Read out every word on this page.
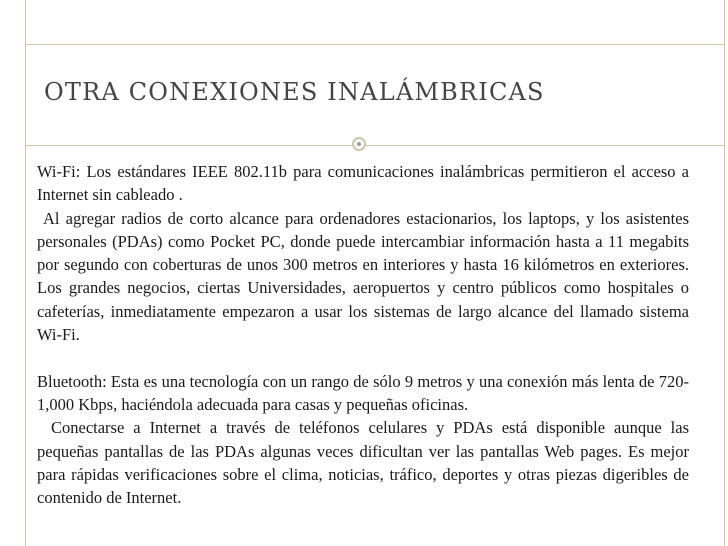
OTRA CONEXIONES INALÁMBRICAS

Wi-Fi: Los estándares IEEE 802.11b para comunicaciones inalámbricas permitieron el acceso a Internet sin cableado .

Al agregar radios de corto alcance para ordenadores estacionarios, los laptops, y los asistentes personales (PDAs) como Pocket PC, donde puede intercambiar información hasta a 11 megabits por segundo con coberturas de unos 300 metros en interiores y hasta 16 kilómetros en exteriores. Los grandes negocios, ciertas Universidades, aeropuertos y centro públicos como hospitales o cafeterías, inmediatamente empezaron a usar los sistemas de largo alcance del llamado sistema Wi-Fi.

Bluetooth: Esta es una tecnología con un rango de sólo 9 metros y una conexión más lenta de 720-1,000 Kbps, haciéndola adecuada para casas y pequeñas oficinas.

Conectarse a Internet a través de teléfonos celulares y PDAs está disponible aunque las pequeñas pantallas de las PDAs algunas veces dificultan ver las pantallas Web pages. Es mejor para rápidas verificaciones sobre el clima, noticias, tráfico, deportes y otras piezas digeribles de contenido de Internet.
